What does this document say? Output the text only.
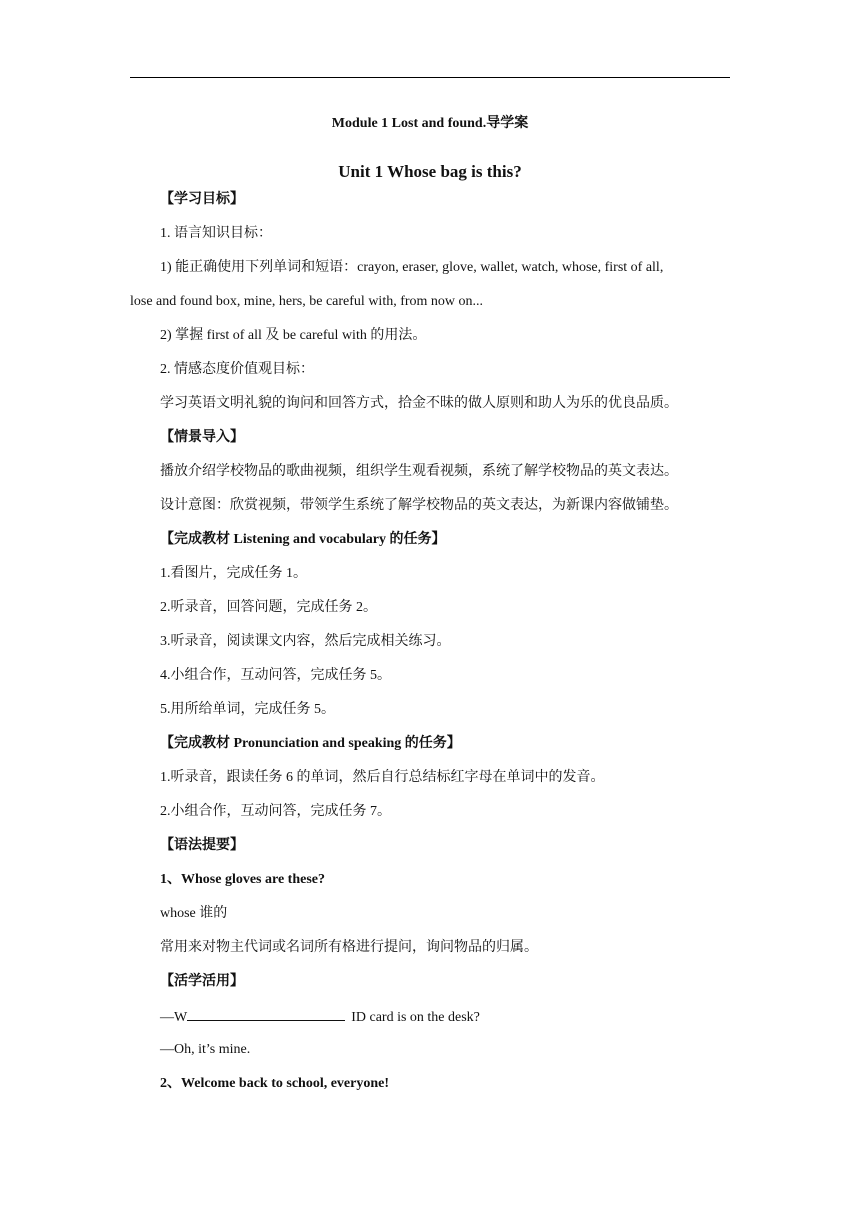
Module 1 Lost and found.导学案
Unit 1 Whose bag is this?
【学习目标】
1. 语言知识目标：
1) 能正确使用下列单词和短语：crayon, eraser, glove, wallet, watch, whose, first of all,
lose and found box, mine, hers, be careful with, from now on...
2) 掌握 first of all 及 be careful with 的用法。
2. 情感态度价值观目标：
学习英语文明礼貌的询问和回答方式，拾金不昧的做人原则和助人为乐的优良品质。
【情景导入】
播放介绍学校物品的歌曲视频，组织学生观看视频，系统了解学校物品的英文表达。
设计意图：欣赏视频，带领学生系统了解学校物品的英文表达，为新课内容做铺垫。
【完成教材 Listening and vocabulary 的任务】
1.看图片，完成任务 1。
2.听录音，回答问题，完成任务 2。
3.听录音，阅读课文内容，然后完成相关练习。
4.小组合作，互动问答，完成任务 5。
5.用所给单词，完成任务 5。
【完成教材 Pronunciation and speaking 的任务】
1.听录音，跟读任务 6 的单词，然后自行总结标红字母在单词中的发音。
2.小组合作，互动问答，完成任务 7。
【语法提要】
1、Whose gloves are these?
whose 谁的
常用来对物主代词或名词所有格进行提问，询问物品的归属。
【活学活用】
—W	ID card is on the desk?
—Oh, it’s mine.
2、Welcome back to school, everyone!
